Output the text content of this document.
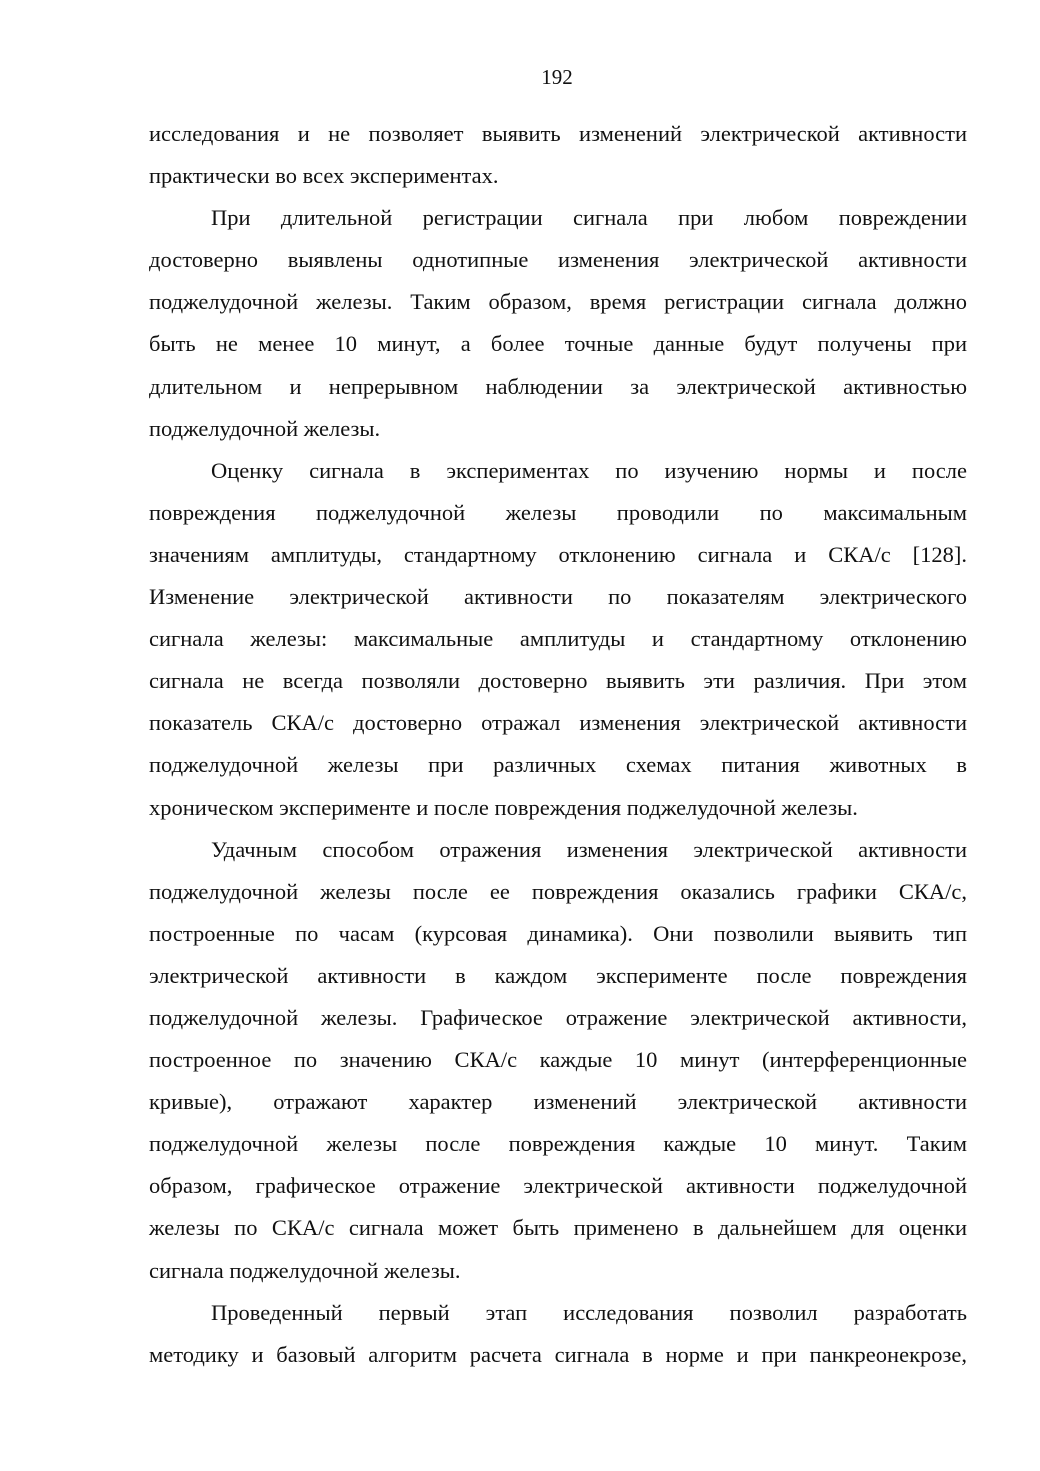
192
исследования и не позволяет выявить изменений электрической активности
практически во всех экспериментах.
При длительной регистрации сигнала при любом повреждении
достоверно выявлены однотипные изменения электрической активности
поджелудочной железы. Таким образом, время регистрации сигнала должно
быть не менее 10 минут, а более точные данные будут получены при
длительном и непрерывном наблюдении за электрической активностью
поджелудочной железы.
Оценку сигнала в экспериментах по изучению нормы и после
повреждения поджелудочной железы проводили по максимальным
значениям амплитуды, стандартному отклонению сигнала и СКА/с [128].
Изменение электрической активности по показателям электрического
сигнала железы: максимальные амплитуды и стандартному отклонению
сигнала не всегда позволяли достоверно выявить эти различия. При этом
показатель СКА/с достоверно отражал изменения электрической активности
поджелудочной железы при различных схемах питания животных в
хроническом эксперименте и после повреждения поджелудочной железы.
Удачным способом отражения изменения электрической активности
поджелудочной железы после ее повреждения оказались графики СКА/с,
построенные по часам (курсовая динамика). Они позволили выявить тип
электрической активности в каждом эксперименте после повреждения
поджелудочной железы. Графическое отражение электрической активности,
построенное по значению СКА/с каждые 10 минут (интерференционные
кривые), отражают характер изменений электрической активности
поджелудочной железы после повреждения каждые 10 минут. Таким
образом, графическое отражение электрической активности поджелудочной
железы по СКА/с сигнала может быть применено в дальнейшем для оценки
сигнала поджелудочной железы.
Проведенный первый этап исследования позволил разработать
методику и базовый алгоритм расчета сигнала в норме и при панкреонекрозе,
